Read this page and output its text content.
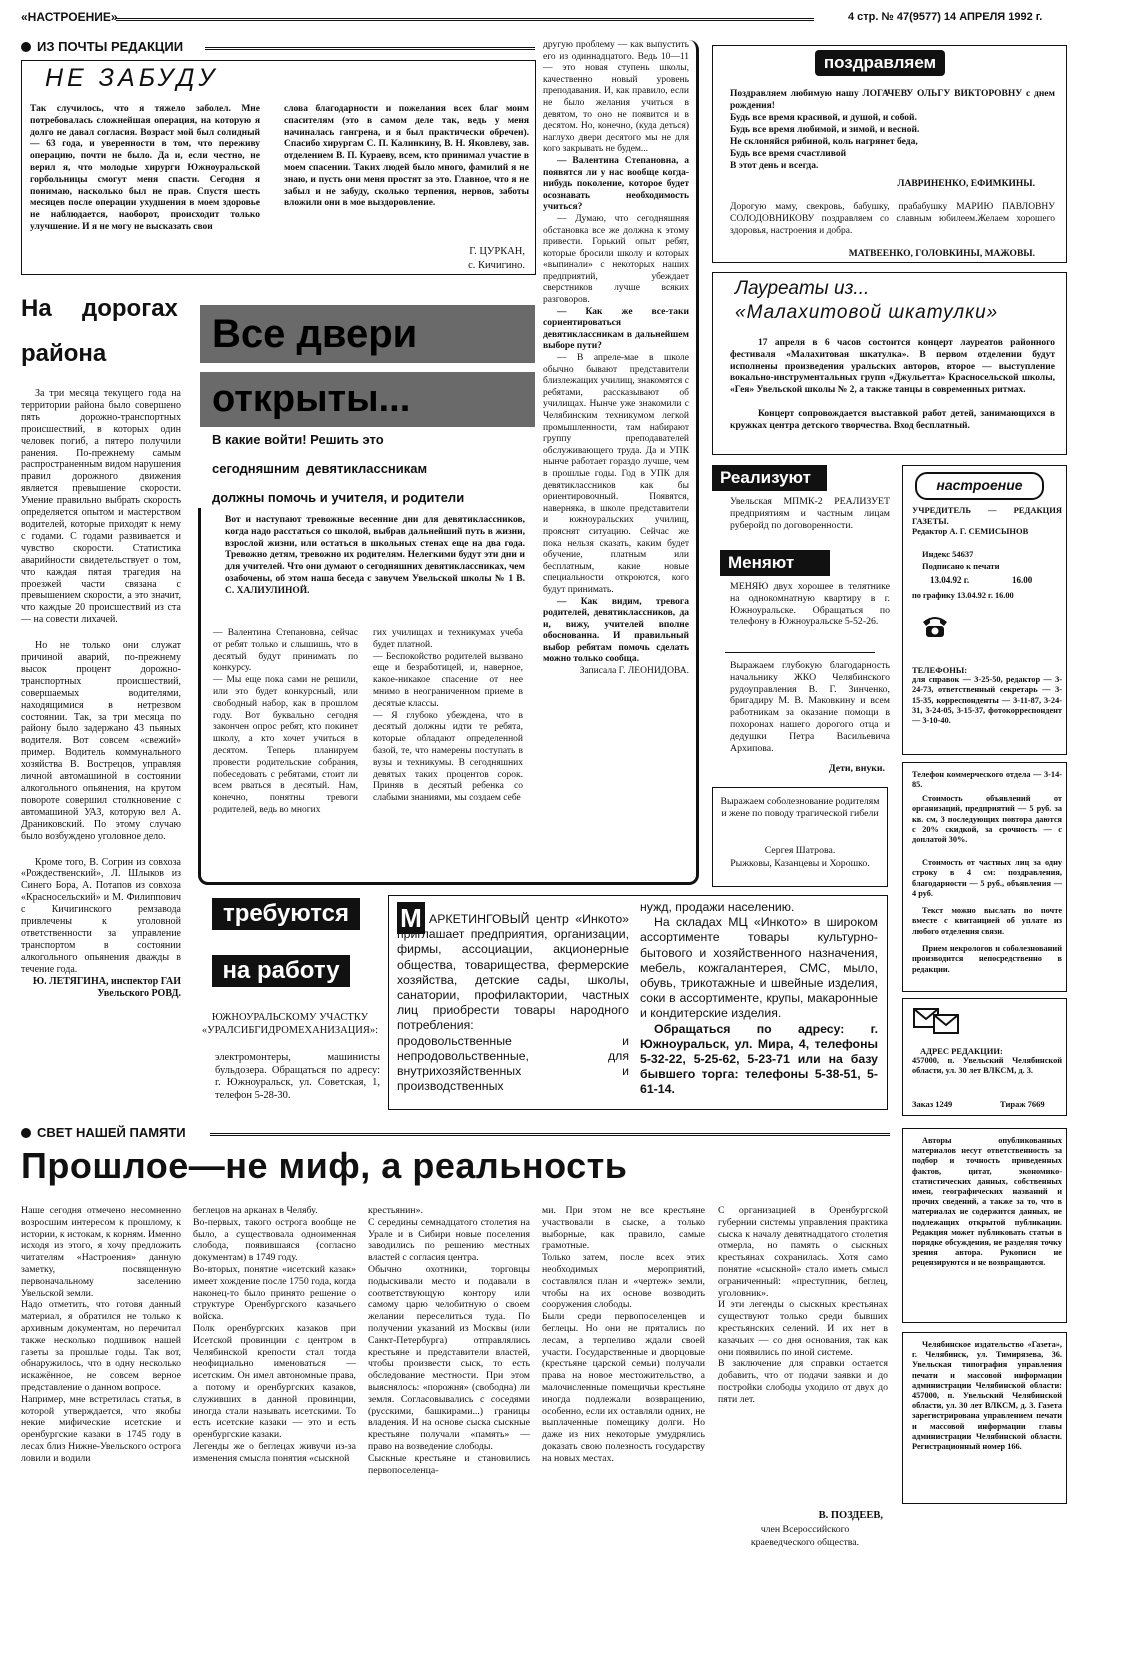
«НАСТРОЕНИЕ»	4 стр. № 47(9577) 14 АПРЕЛЯ 1992 г.
ИЗ ПОЧТЫ РЕДАКЦИИ
НЕ ЗАБУДУ
Так случилось, что я тяжело заболел. Мне потребовалась сложнейшая операция, на которую я долго не давал согласия. Возраст мой был солидный — 63 года, и уверенности в том, что переживу операцию, почти не было. Да и, если честно, не верил я, что молодые хирурги Южноуральской горбольницы смогут меня спасти. Сегодня я понимаю, насколько был не прав. Спустя шесть месяцев после операции ухудшения в моем здоровье не наблюдается, наоборот, происходит только улучшение. И я не могу не высказать свои
слова благодарности и пожелания всех благ моим спасителям (это в самом деле так, ведь у меня начиналась гангрена, и я был практически обречен). Спасибо хирургам С. П. Калинкину, В. Н. Яковлеву, зав. отделением В. П. Курaеву, всем, кто принимал участие в моем спасении. Таких людей было много, фамилий я не знаю, и пусть они меня простят за это. Главное, что я не забыл и не забуду, сколько терпения, нервов, заботы вложили они в мое выздоровление.
Г. ЦУРКАН,
с. Кичигино.
На дорогах
района

За три месяца текущего года на территории района было совершено пять дорожно-транспортных происшествий, в которых один человек погиб, а пятеро получили ранения. По-прежнему самым распространенным видом нарушения правил дорожного движения является превышение скорости. Умение правильно выбрать скорость определяется опытом и мастерством водителей, которые приходят к нему с годами. С годами развивается и чувство скорости. Статистика аварийности свидетельствует о том, что каждая пятая трагедия на проезжей части связана с превышением скорости, а это значит, что каждые 20 происшествий из ста — на совести лихачей.

Но не только они служат причиной аварий, по-прежнему высок процент дорожно-транспортных происшествий, совершаемых водителями, находящимися в нетрезвом состоянии. Так, за три месяца по району было задержано 43 пьяных водителя. Вот совсем «свежий» пример. Водитель коммунального хозяйства В. Вострецов, управляя личной автомашиной в состоянии алкогольного опьянения, на крутом повороте совершил столкновение с автомашиной УАЗ, которую вел А. Драниковский. По этому случаю было возбуждено уголовное дело.

Кроме того, В. Согрин из совхоза «Рождественский», Л. Шлыков из Синего Бора, А. Потапов из совхоза «Красносельский» и М. Филиппович с Кичигинского ремзавода привлечены к уголовной ответственности за управление транспортом в состоянии алкогольного опьянения дважды в течение года.

Ю. ЛЕТЯГИНА, инспектор ГАИ Увельского РОВД.

Все двери
открыты...
В какие войти! Решить это
сегодняшним девятиклассникам
должны помочь и учителя, и родители
Вот и наступают тревожные весенние дни для девятиклассников, когда надо расстаться со школой, выбрав дальнейший путь в жизни, взрослой жизни, или остаться в школьных стенах еще на два года. Тревожно детям, тревожно их родителям. Нелегкими будут эти дни и для учителей. Что они думают о сегодняшних девятиклассниках, чем озабочены, об этом наша беседа с завучем Увельской школы № 1 В. С. ХАЛИУЛИНОЙ.
— Валентина Степановна, сейчас от ребят только и слышишь, что в десятый будут принимать по конкурсу.
— Мы еще пока сами не решили, или это будет конкурсный, или свободный набор, как в прошлом году. Вот буквально сегодня закончен опрос ребят, кто покинет школу, а кто хочет учиться в десятом. Теперь планируем провести родительские собрания, побеседовать с ребятами, стоит ли всем рваться в десятый. Нам, конечно, понятны тревоги родителей, ведь во многих
гих училищах и техникумах учеба будет платной.
— Беспокойство родителей вызвано еще и безработицей, и, наверное, какое-никакое спасение от нее мнимо в неограниченном приеме в десятые классы.
— Я глубоко убеждена, что в десятый должны идти те ребята, которые обладают определенной базой, те, что намерены поступать в вузы и техникумы. В сегодняшних девятых таких процентов сорок. Приняв в десятый ребенка со слабыми знаниями, мы создаем себе

другую проблему — как выпустить его из одиннадцатого. Ведь 10—11 — это новая ступень школы, качественно новый уровень преподавания. И, как правило, если не было желания учиться в девятом, то оно не появится и в десятом. Но, конечно, (куда деться) наглухо двери десятого мы не для кого закрывать не будем...

— Валентина Степановна, а появятся ли у нас вообще когда-нибудь поколение, которое будет осознавать необходимость учиться?

— Думаю, что сегодняшняя обстановка все же должна к этому привести. Горький опыт ребят, которые бросили школу и которых «выпинали» с некоторых наших предприятий, убеждает сверстников лучше всяких разговоров.

— Как же все-таки сориентироваться девятиклассникам в дальнейшем выборе пути?

— В апреле-мае в школе обычно бывают представители близлежащих училищ, знакомятся с ребятами, рассказывают об училищах. Нынче уже знакомили с Челябинским техникумом легкой промышленности, там набирают группу преподавателей обслуживающего труда. Да и УПК нынче работает гораздо лучше, чем в прошлые годы. Год в УПК для девятиклассников как бы ориентировочный. Появятся, наверняка, в школе представители и южноуральских училищ, прояснят ситуацию. Сейчас же пока нельзя сказать, каким будет обучение, платным или бесплатным, какие новые специальности откроются, кого будут принимать.

— Как видим, тревога родителей, девятиклассников, да и, вижу, учителей вполне обоснованна. И правильный выбор ребятам помочь сделать можно только сообща.

Записала Г. ЛЕОНИДОВА.

требуются
на работу
ЮЖНОУРАЛЬСКОМУ УЧАСТКУ «УРАЛСИБГИДРОМЕХАНИЗАЦИЯ»:
электромонтеры, машинисты бульдозера. Обращаться по адресу: г. Южноуральск, ул. Советская, 1, телефон 5-28-30.
М АРКЕТИНГОВЫЙ центр «Инкото» приглашает предприятия, организации, фирмы, ассоциации, акционерные общества, товарищества, фермерские хозяйства, детские сады, школы, санатории, профилактории, частных лиц приобрести товары народного потребления:

продовольственные и непродовольственные, для внутрихозяйственных и производственных

нужд, продажи населению.

На складах МЦ «Инкото» в широком ассортименте товары культурно-бытового и хозяйственного назначения, мебель, кожгалантерея, СМС, мыло, обувь, трикотажные и швейные изделия, соки в ассортименте, крупы, макаронные и кондитерские изделия.

Обращаться по адресу: г. Южноуральск, ул. Мира, 4, телефоны 5-32-22, 5-25-62, 5-23-71 или на базу бывшего торга: телефоны 5-38-51, 5-61-14.

поздравляем
Поздравляем любимую нашу ЛОГАЧЕВУ ОЛЬГУ ВИКТОРОВНУ с днем рождения!
Будь все время красивой, и душой, и собой.
Будь все время любимой, и зимой, и весной.
Не склоняйся рябиной, коль нагрянет беда,
Будь все время счастливой
В этот день и всегда.
ЛАВРИНЕНКО, ЕФИМКИНЫ.
Дорогую маму, свекровь, бабушку, прабабушку МАРИЮ ПАВЛОВНУ СОЛОДОВНИКОВУ поздравляем со славным юбилеем.Желаем хорошего здоровья, настроения и добра.
МАТВЕЕНКО, ГОЛОВКИНЫ, МАЖОВЫ.
Лауреаты из...
«Малахитовой шкатулки»
17 апреля в 6 часов состоится концерт лауреатов районного фестиваля «Малахитовая шкатулка». В первом отделении будут исполнены произведения уральских авторов, второе — выступление вокально-инструментальных групп «Джульетта» Красносельской школы, «Гея» Увельской школы № 2, а также танцы в современных ритмах.
Концерт сопровождается выставкой работ детей, занимающихся в кружках центра детского творчества. Вход бесплатный.
Реализуют
Увельская МПМК-2 РЕАЛИЗУЕТ предприятиям и частным лицам руберойд по договоренности.
Меняют
МЕНЯЮ двух хорошее в телятнике на однокомнатную квартиру в г. Южноуральске. Обращаться по телефону в Южноуральске 5-52-26.
Выражаем глубокую благодарность начальнику ЖКО Челябинского рудоуправления В. Г. Зинченко, бригадиру М. В. Маковкину и всем работникам за оказание помощи в похоронах нашего дорогого отца и дедушки Петра Васильевича Архипова.
Дети, внуки.
Выражаем соболезнование родителям и жене по поводу трагической гибели
Сергея Шатрова.
Рыжковы, Казанцевы и Хорошко.
настроение
УЧРЕДИТЕЛЬ — РЕДАКЦИЯ ГАЗЕТЫ.
Редактор А. Г. СЕМИСЫНОВ
Индекс 54637
Подписано к печати
13.04.92 г.	16.00
по графику 13.04.92 г. 16.00
ТЕЛЕФОНЫ:
для справок — 3-25-50, редактор — 3-24-73, ответственный секретарь — 3-15-35, корреспонденты — 3-11-87, 3-24-31, 3-24-05, 3-15-37, фотокорреспондент — 3-10-40.
Телефон коммерческого отдела — 3-14-85.
Стоимость объявлений от организаций, предприятий — 5 руб. за кв. см, 3 последующих повтора даются с 20% скидкой, за срочность — с доплатой 30%.
Стоимость от частных лиц за одну строку в 4 см: поздравления, благодарности — 5 руб., объявления — 4 руб.
Текст можно выслать по почте вместе с квитанцией об уплате из любого отделения связи.
Прием некрологов и соболезнований производится непосредственно в редакции.
АДРЕС РЕДАКЦИИ:
457000, п. Увельский Челябинской области, ул. 30 лет ВЛКСМ, д. 3.
Заказ 1249	Тираж 7669
Авторы опубликованных материалов несут ответственность за подбор и точность приведенных фактов, цитат, экономико-статистических данных, собственных имен, географических названий и прочих сведений, а также за то, что в материалах не содержится данных, не подлежащих открытой публикации. Редакция может публиковать статьи в порядке обсуждения, не разделяя точку зрения автора. Рукописи не рецензируются и не возвращаются.
Челябинское издательство «Газета», г. Челябинск, ул. Тимирязева, 36. Увельская типография управления печати и массовой информации администрации Челябинской области: 457000, п. Увельский Челябинской области, ул. 30 лет ВЛКСМ, д. 3. Газета зарегистрирована управлением печати и массовой информации главы администрации Челябинской области. Регистрационный номер 166.
СВЕТ НАШЕЙ ПАМЯТИ
Прошлое—не миф, а реальность
Наше сегодня отмечено несомненно возросшим интересом к прошлому, к истории, к истокам, к корням. Именно исходя из этого, я хочу предложить читателям «Настроения» данную заметку, посвященную первоначальному заселению Увельской земли.
Надо отметить, что готовя данный материал, я обратился не только к архивным документам, но перечитал также несколько подшивок нашей газеты за прошлые годы. Так вот, обнаружилось, что в одну несколько искажённое, не совсем верное представление о данном вопросе.
Например, мне встретилась статья, в которой утверждается, что якобы некие мифические исетские и оренбургские казаки в 1745 году в лесах близ Нижне-Увельского острога ловили и водили
беглецов на арканах в Челябу.
Во-первых, такого острога вообще не было, а существовала одноименная слобода, появившаяся (согласно документам) в 1749 году.
Во-вторых, понятие «исетский казак» имеет хождение после 1750 года, когда наконец-то было принято решение о структуре Оренбургского казачьего войска.
Полк оренбургских казаков при Исетской провинции с центром в Челябинской крепости стал тогда неофициально именоваться — исетским. Он имел автономные права, а потому и оренбургских казаков, служивших в данной провинции, иногда стали называть исетскими. То есть исетские казаки — это и есть оренбургские казаки.
Легенды же о беглецах живучи из-за изменения смысла понятия «сыскной
крестьянин».
С середины семнадцатого столетия на Урале и в Сибири новые поселения заводились по решению местных властей с согласия центра.
Обычно охотники, торговцы подыскивали место и подавали в соответствующую контору или самому царю челобитную о своем желании переселиться туда. По получении указаний из Москвы (или Санкт-Петербурга) отправлялись крестьяне и представители властей, чтобы произвести сыск, то есть обследование местности. При этом выяснялось: «порожня» (свободна) ли земля. Согласовывались с соседями (русскими, башкирами...) границы владения. И на основе сыска сыскные крестьяне получали «память» — право на возведение слободы.
Сыскные крестьяне и становились первопоселенца-
ми. При этом не все крестьяне участвовали в сыске, а только выборные, как правило, самые грамотные.
Только затем, после всех этих необходимых мероприятий, составлялся план и «чертеж» земли, чтобы на их основе возводить сооружения слободы.
Были среди первопоселенцев и беглецы. Но они не прятались по лесам, а терпеливо ждали своей участи. Государственные и дворцовые (крестьяне царской семьи) получали права на новое местожительство, а малочисленные помещичьи крестьяне иногда подлежали возвращению, особенно, если их оставляли одних, не выплаченные помещику долги. Но даже из них некоторые умудрялись доказать свою полезность государству на новых местах.
С организацией в Оренбургской губернии системы управления практика сыска к началу девятнадцатого столетия отмерла, но память о сыскных крестьянах сохранилась. Хотя само понятие «сыскной» стало иметь смысл ограниченный: «преступник, беглец, уголовник».
И эти легенды о сыскных крестьянах существуют только среди бывших крестьянских селений. И их нет в казачьих — со дня основания, так как они появились по иной системе.
В заключение для справки остается добавить, что от подачи заявки и до постройки слободы уходило от двух до пяти лет.
В. ПОЗДЕЕВ,
член Всероссийского краеведческого общества.
